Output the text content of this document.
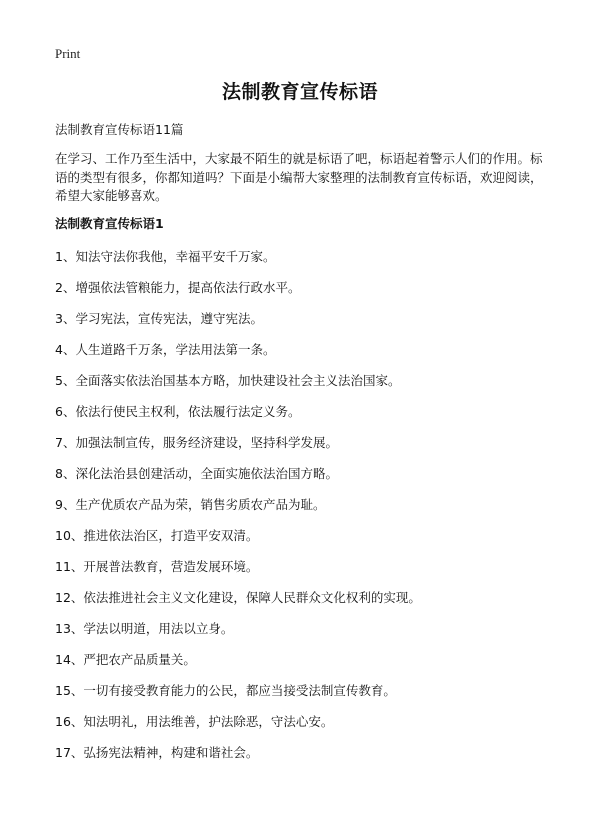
Print
法制教育宣传标语
法制教育宣传标语11篇

在学习、工作乃至生活中，大家最不陌生的就是标语了吧，标语起着警示人们的作用。标语的类型有很多，你都知道吗？下面是小编帮大家整理的法制教育宣传标语，欢迎阅读，希望大家能够喜欢。

法制教育宣传标语1
1、知法守法你我他，幸福平安千万家。
2、增强依法管粮能力，提高依法行政水平。
3、学习宪法，宣传宪法，遵守宪法。
4、人生道路千万条，学法用法第一条。
5、全面落实依法治国基本方略，加快建设社会主义法治国家。
6、依法行使民主权利，依法履行法定义务。
7、加强法制宣传，服务经济建设，坚持科学发展。
8、深化法治县创建活动，全面实施依法治国方略。
9、生产优质农产品为荣，销售劣质农产品为耻。
10、推进依法治区，打造平安双清。
11、开展普法教育，营造发展环境。
12、依法推进社会主义文化建设，保障人民群众文化权利的实现。
13、学法以明道，用法以立身。
14、严把农产品质量关。
15、一切有接受教育能力的公民，都应当接受法制宣传教育。
16、知法明礼，用法维善，护法除恶，守法心安。
17、弘扬宪法精神，构建和谐社会。
